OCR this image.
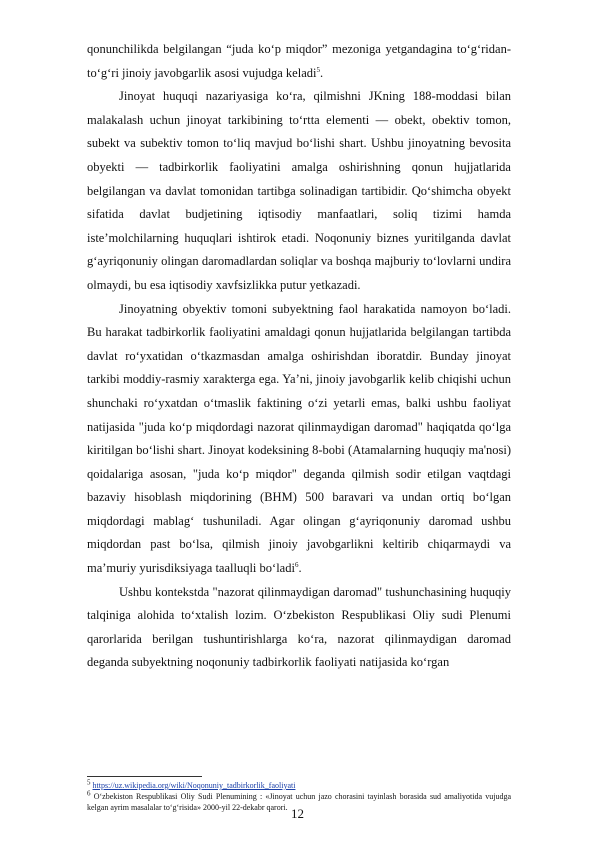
qonunchilikda belgilangan “juda ko‘p miqdor” mezoniga yetgandagina to‘g‘ridan-to‘g‘ri jinoiy javobgarlik asosi vujudga keladi$^5$.

Jinoyat huquqi nazariyasiga ko‘ra, qilmishni JKning 188-moddasi bilan malakalash uchun jinoyat tarkibining to‘rtta elementi — obekt, obektiv tomon, subekt va subektiv tomon to‘liq mavjud bo‘lishi shart. Ushbu jinoyatning bevosita obyekti — tadbirkorlik faoliyatini amalga oshirishning qonun hujjatlarida belgilangan va davlat tomonidan tartibga solinadigan tartibidir. Qo‘shimcha obyekt sifatida davlat budjetining iqtisodiy manfaatlari, soliq tizimi hamda iste’molchilarning huquqlari ishtirok etadi. Noqonuniy biznes yuritilganda davlat g‘ayriqonuniy olingan daromadlardan soliqlar va boshqa majburiy to‘lovlarni undira olmaydi, bu esa iqtisodiy xavfsizlikka putur yetkazadi.

Jinoyatning obyektiv tomoni subyektning faol harakatida namoyon bo‘ladi. Bu harakat tadbirkorlik faoliyatini amaldagi qonun hujjatlarida belgilangan tartibda davlat ro‘yxatidan o‘tkazmasdan amalga oshirishdan iboratdir. Bunday jinoyat tarkibi moddiy-rasmiy xarakterga ega. Ya’ni, jinoiy javobgarlik kelib chiqishi uchun shunchaki ro‘yxatdan o‘tmaslik faktining o‘zi yetarli emas, balki ushbu faoliyat natijasida "juda ko‘p miqdordagi nazorat qilinmaydigan daromad" haqiqatda qo‘lga kiritilgan bo‘lishi shart. Jinoyat kodeksining 8-bobi (Atamalarning huquqiy ma'nosi) qoidalariga asosan, "juda ko‘p miqdor" deganda qilmish sodir etilgan vaqtdagi bazaviy hisoblash miqdorining (BHM) 500 baravari va undan ortiq bo‘lgan miqdordagi mablag‘ tushuniladi. Agar olingan g‘ayriqonuniy daromad ushbu miqdordan past bo‘lsa, qilmish jinoiy javobgarlikni keltirib chiqarmaydi va ma’muriy yurisdiksiyaga taalluqli bo‘ladi$^6$.

Ushbu kontekstda "nazorat qilinmaydigan daromad" tushunchasining huquqiy talqiniga alohida to‘xtalish lozim. O‘zbekiston Respublikasi Oliy sudi Plenumi qarorlarida berilgan tushuntirishlarga ko‘ra, nazorat qilinmaydigan daromad deganda subyektning noqonuniy tadbirkorlik faoliyati natijasida ko‘rgan

$^5$ https://uz.wikipedia.org/wiki/Noqonuniy_tadbirkorlik_faoliyati

$^6$ O‘zbekiston Respublikasi Oliy Sudi Plenumining : «Jinoyat uchun jazo chorasini tayinlash borasida sud amaliyotida vujudga kelgan ayrim masalalar to‘g‘risida» 2000-yil 22-dekabr qarori. 12
